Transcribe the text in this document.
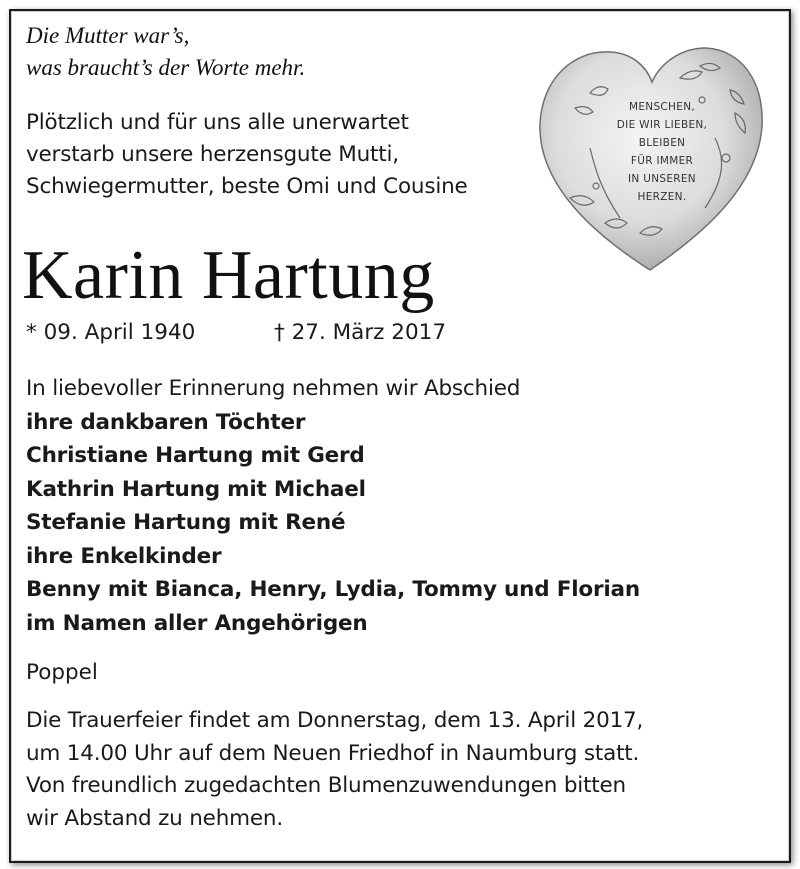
Die Mutter war’s,
was braucht’s der Worte mehr.
Plötzlich und für uns alle unerwartet
verstarb unsere herzensgute Mutti,
Schwiegermutter, beste Omi und Cousine
MENSCHEN,
DIE WIR LIEBEN,
BLEIBEN
FÜR IMMER
IN UNSEREN
HERZEN.
Karin Hartung
* 09. April 1940	† 27. März 2017
In liebevoller Erinnerung nehmen wir Abschied
ihre dankbaren Töchter
Christiane Hartung mit Gerd
Kathrin Hartung mit Michael
Stefanie Hartung mit René
ihre Enkelkinder
Benny mit Bianca, Henry, Lydia, Tommy und Florian
im Namen aller Angehörigen
Poppel
Die Trauerfeier findet am Donnerstag, dem 13. April 2017,
um 14.00 Uhr auf dem Neuen Friedhof in Naumburg statt.
Von freundlich zugedachten Blumenzuwendungen bitten
wir Abstand zu nehmen.
